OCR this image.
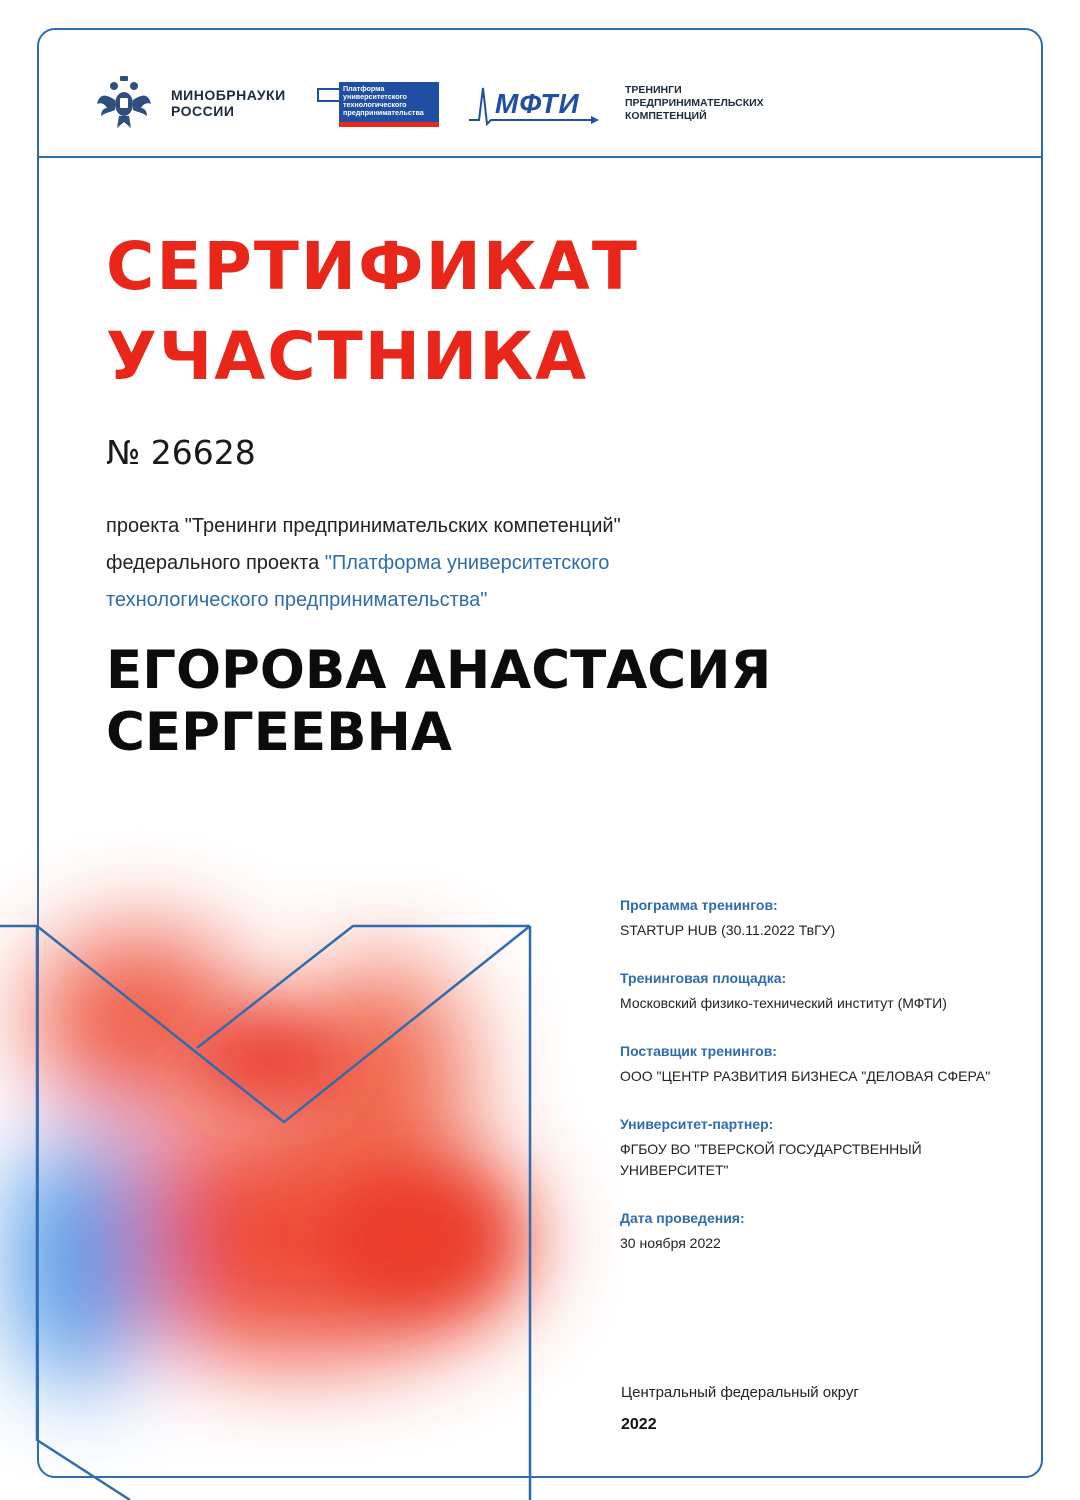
МИНОБРНАУКИ
РОССИИ
Платформа
университетского
технологического
предпринимательства	МФТИ	ТРЕНИНГИ
ПРЕДПРИНИМАТЕЛЬСКИХ
КОМПЕТЕНЦИЙ
СЕРТИФИКАТ
УЧАСТНИКА
№ 26628
проекта "Тренинги предпринимательских компетенций"
федерального проекта "Платформа университетского
технологического предпринимательства"
ЕГОРОВА АНАСТАСИЯ
СЕРГЕЕВНА
Программа тренингов:
STARTUP HUB (30.11.2022 ТвГУ)
Тренинговая площадка:
Московский физико-технический институт (МФТИ)
Поставщик тренингов:
ООО "ЦЕНТР РАЗВИТИЯ БИЗНЕСА "ДЕЛОВАЯ СФЕРА"
Университет-партнер:
ФГБОУ ВО "ТВЕРСКОЙ ГОСУДАРСТВЕННЫЙ УНИВЕРСИТЕТ"
Дата проведения:
30 ноября 2022
Центральный федеральный округ
2022
